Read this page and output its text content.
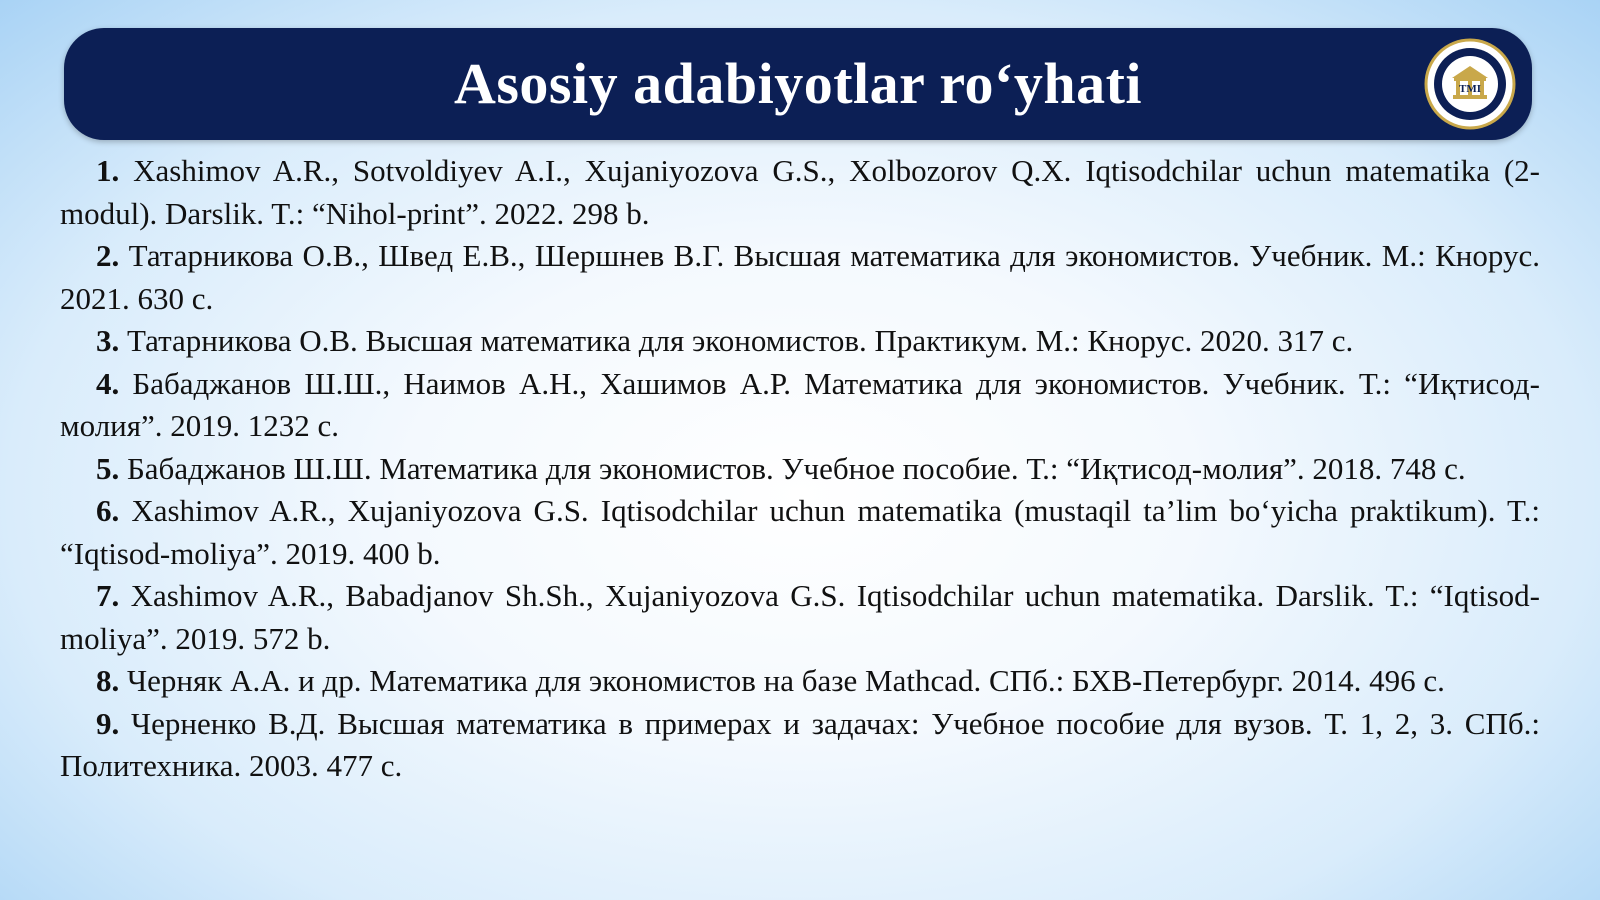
Asosiy adabiyotlar ro‘yhati	TMI

1. Xashimov A.R., Sotvoldiyev A.I., Xujaniyozova G.S., Xolbozorov Q.X. Iqtisodchilar uchun matematika (2-modul). Darslik. T.: “Nihol-print”. 2022. 298 b.

2. Татарникова О.В., Швед Е.В., Шершнев В.Г. Высшая математика для экономистов. Учебник. М.: Кнорус. 2021. 630 с.

3. Татарникова О.В. Высшая математика для экономистов. Практикум. М.: Кнорус. 2020. 317 с.

4. Бабаджанов Ш.Ш., Наимов А.Н., Хашимов А.Р. Математика для экономистов. Учебник. Т.: “Иқтисод-молия”. 2019. 1232 с.

5. Бабаджанов Ш.Ш. Математика для экономистов. Учебное пособие. Т.: “Иқтисод-молия”. 2018. 748 с.

6. Xashimov A.R., Xujaniyozova G.S. Iqtisodchilar uchun matematika (mustaqil ta’lim bo‘yicha praktikum). T.: “Iqtisod-moliya”. 2019. 400 b.

7. Xashimov A.R., Babadjanov Sh.Sh., Xujaniyozova G.S. Iqtisodchilar uchun matematika. Darslik. T.: “Iqtisod-moliya”. 2019. 572 b.

8. Черняк А.А. и др. Математика для экономистов на базе Mathcad. СПб.: БХВ-Петербург. 2014. 496 с.

9. Черненко В.Д. Высшая математика в примерах и задачах: Учебное пособие для вузов. Т. 1, 2, 3. СПб.: Политехника. 2003. 477 с.
